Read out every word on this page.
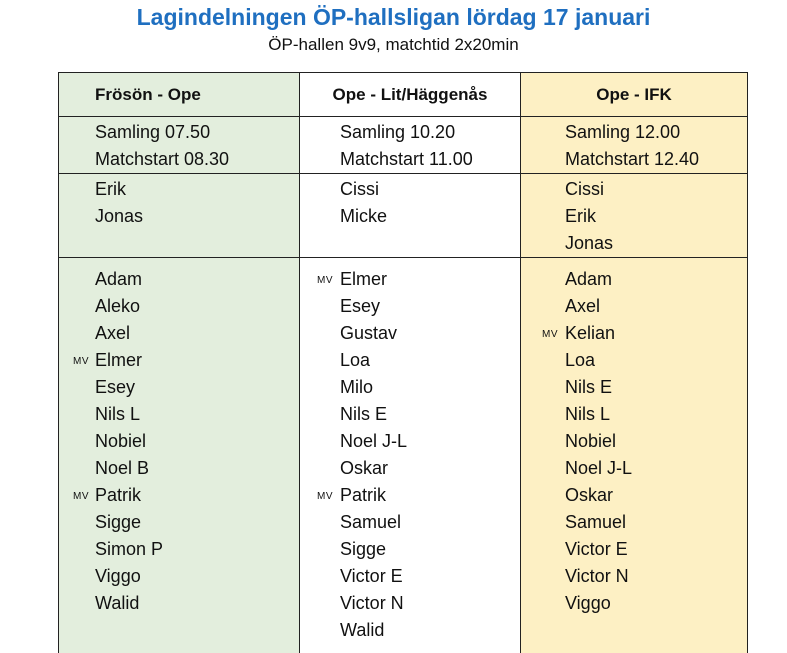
Lagindelningen ÖP-hallsligan lördag 17 januari
ÖP-hallen 9v9, matchtid 2x20min
Frösön - Ope
Samling 07.50
Matchstart 08.30
Erik
Jonas
Adam
Aleko
Axel
MV Elmer
Esey
Nils L
Nobiel
Noel B
MV Patrik
Sigge
Simon P
Viggo
Walid
Ope - Lit/Häggenås
Samling 10.20
Matchstart 11.00
Cissi
Micke
MV Elmer
Esey
Gustav
Loa
Milo
Nils E
Noel J-L
Oskar
MV Patrik
Samuel
Sigge
Victor E
Victor N
Walid
Ope - IFK
Samling 12.00
Matchstart 12.40
Cissi
Erik
Jonas
Adam
Axel
MV Kelian
Loa
Nils E
Nils L
Nobiel
Noel J-L
Oskar
Samuel
Victor E
Victor N
Viggo
